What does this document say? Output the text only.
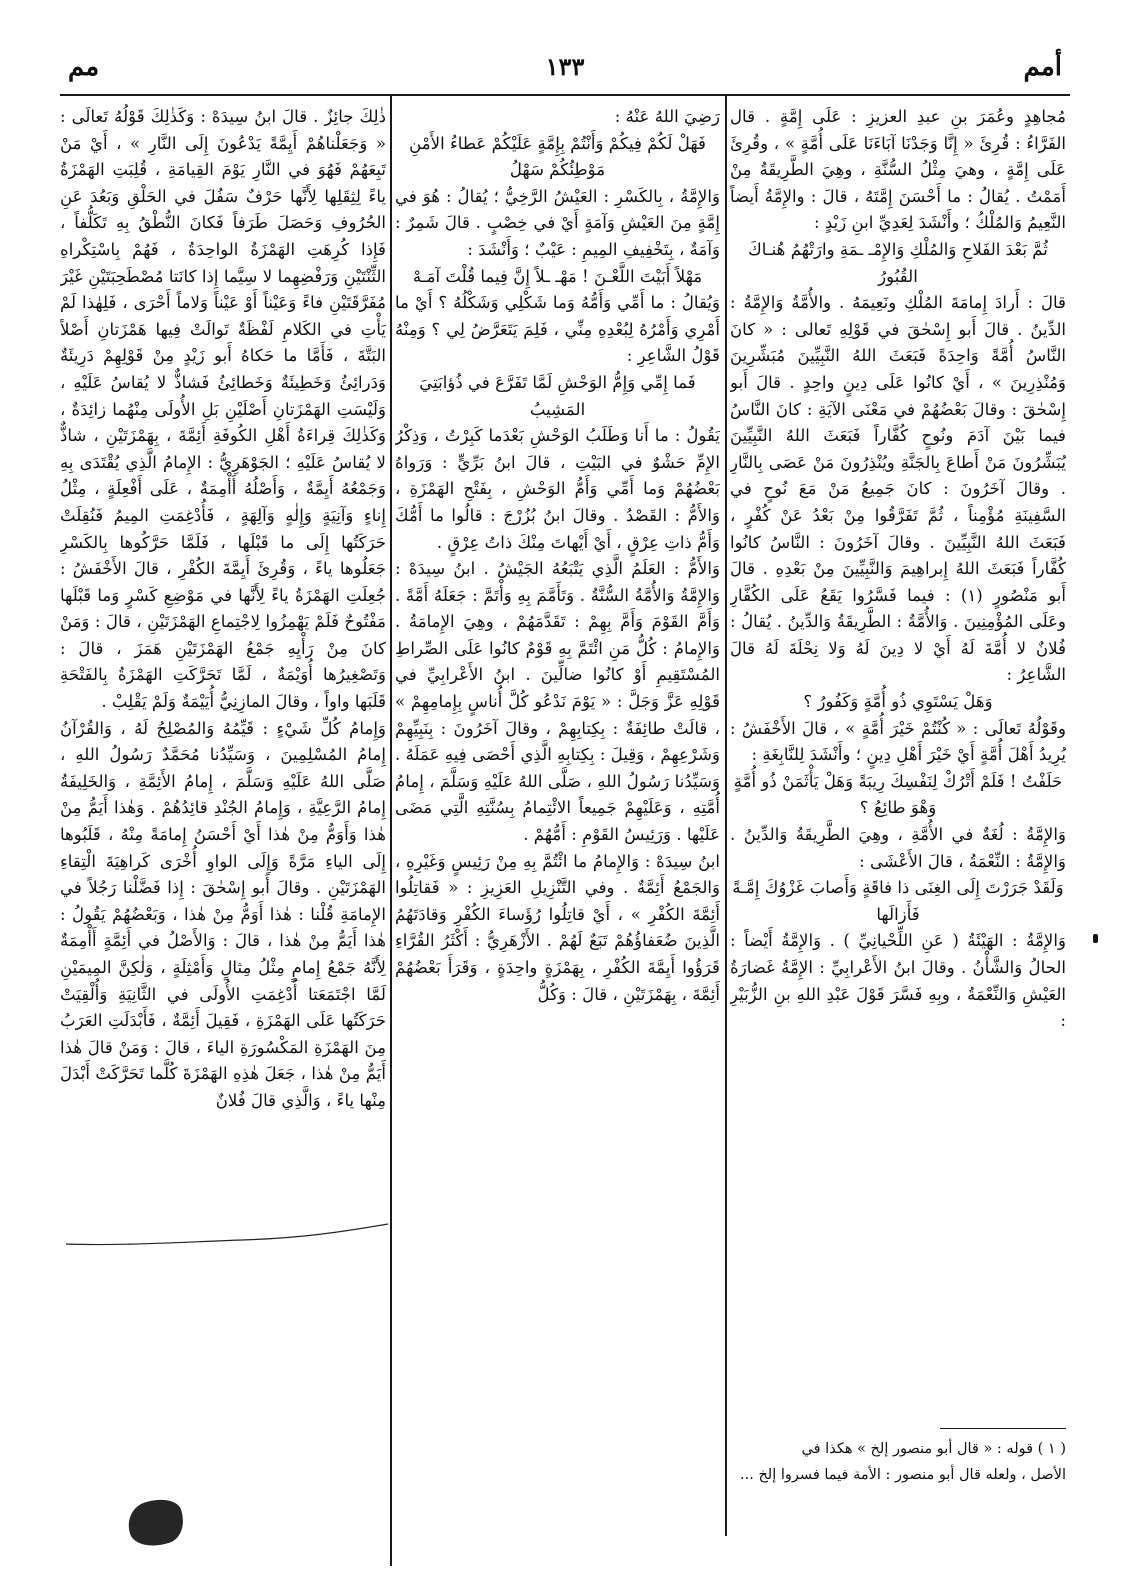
أمم
١٣٣
مم

مُجاهِدٍ وعُمَرَ بنِ عبدِ العزيزِ : عَلَى إِمَّةٍ . قال الفَرَّاءُ : قُرِئَ « إِنَّا وَجَدْنَا آبَاءَنَا عَلَى أُمَّةٍ » ، وقُرِئَ عَلَى إِمَّةٍ ، وهيَ مِثْلُ السُّنَّةِ ، وهِيَ الطَّرِيقَةُ مِنْ أَمَمْتُ . يُقالُ : ما أَحْسَنَ إِمَّتَهُ ، قالَ : والإِمَّةُ أَيضاً النَّعِيمُ وَالمُلْكُ ؛ وأَنْشَدَ لِعَدِيِّ ابنِ زَيْدٍ :

ثُمَّ بَعْدَ الفَلاحِ وَالمُلْكِ وَالإِمْـ ـمَةِ وارَتْهُمُ هُنـاكَ القُبُورُ

قالَ : أَرادَ إِمامَةَ المُلْكِ ونَعِيمَهُ . والأُمَّةُ وَالإِمَّةُ : الدِّينُ . قالَ أَبو إِسْحٰقَ في قَوْلِهِ تَعالى : « كانَ النَّاسُ أُمَّةً وَاحِدَةً فَبَعَثَ اللهُ النَّبِيِّينَ مُبَشِّرِينَ وَمُنْذِرِينَ » ، أَيْ كانُوا عَلَى دِينٍ واحِدٍ . قالَ أَبو إِسْحٰقَ : وقالَ بَعْضُهُمْ في مَعْنَى الآيَةِ : كانَ النَّاسُ فيما بَيْنَ آدَمَ ونُوحٍ كُفَّاراً فَبَعَثَ اللهُ النَّبِيِّينَ يُبَشِّرُونَ مَنْ أَطاعَ بِالجَنَّةِ ويُنْذِرُونَ مَنْ عَصَى بِالنَّارِ . وقالَ آخَرُونَ : كانَ جَمِيعُ مَنْ مَعَ نُوحٍ في السَّفِينَةِ مُؤْمِناً ، ثُمَّ تَفَرَّقُوا مِنْ بَعْدُ عَنْ كُفْرٍ ، فَبَعَثَ اللهُ النَّبِيِّينَ . وقالَ آخَرُونَ : النَّاسُ كانُوا كُفَّاراً فَبَعَثَ اللهُ إِبراهِيمَ وَالنَّبِيِّينَ مِنْ بَعْدِهِ . قالَ أَبو مَنْصُورٍ (١) : فيما فَسَّرُوا يَقَعُ عَلَى الكُفَّارِ وعَلَى المُؤْمِنِينَ . وَالأُمَّةُ : الطَّرِيقَةُ وَالدِّينُ . يُقالُ : فُلانٌ لا أُمَّةَ لَهُ أَيْ لا دِينَ لَهُ وَلا نِحْلَةَ لَهُ قالَ الشَّاعِرُ :

وَهَلْ يَسْتَوِي ذُو أُمَّةٍ وَكَفُورُ ؟

وقَوْلُهُ تَعالَى : « كُنْتُمْ خَيْرَ أُمَّةٍ » ، قالَ الأَخْفَشُ : يُرِيدُ أَهْلَ أُمَّةٍ أَيْ خَيْرَ أَهْلِ دِينٍ ؛ وأَنْشَدَ لِلنَّابِغَةِ :

حَلَفْتُ ! فَلَمْ أَتْرُكْ لِنَفْسِكَ رِيبَةً وَهَلْ يَأْثَمَنْ ذُو أُمَّةٍ وَهْوَ طائِعُ ؟

وَالإِمَّةُ : لُغَةٌ في الأُمَّةِ ، وهِيَ الطَّرِيقَةُ وَالدِّينُ . وَالإِمَّةُ : النِّعْمَةُ ، قالَ الأَعْشَى :

وَلَقَدْ جَرَرْتَ إِلَى الغِنَى ذا فاقَةٍ وَأَصابَ غَزْوُكَ إِمَّـةً فَأَزالَها

وَالإِمَّةُ : الهَيْئَةُ ( عَنِ اللِّحْيانِيِّ ) . وَالإِمَّةُ أَيْضاً : الحالُ وَالشَّأْنُ . وقالَ ابنُ الأَعْرابِيِّ : الإِمَّةُ غَضارَةُ العَيْشِ وَالنِّعْمَةُ ، وبِهِ فَسَّرَ قَوْلَ عَبْدِ اللهِ بنِ الزُّبَيْرِ :

( ١ ) قوله : « قال أبو منصور إلخ » هكذا في

الأصل ، ولعله قال أبو منصور : الأمة فيما فسروا إلخ ...

رَضِيَ اللهُ عَنْهُ :

فَهَلْ لَكُمْ فِيكُمْ وَأَنْتُمْ بِإِمَّةٍ عَلَيْكُمْ عَطاءُ الأَمْنِ مَوْطِئُكُمْ سَهْلُ

وَالإِمَّةُ ، بِالكَسْرِ : العَيْشُ الرَّخِيُّ ؛ يُقالُ : هُوَ في إِمَّةٍ مِنَ العَيْشِ وَآمَةٍ أَيْ في خِصْبٍ . قالَ شَمِرٌ : وَآمَةٌ ، بِتَخْفِيفِ المِيمِ : عَيْبٌ ؛ وَأَنْشَدَ :

مَهْلاً أَبَيْتَ اللَّعْـنَ ! مَهْـ ـلاً إِنَّ فِيما قُلْتَ آمَـهْ

وَيُقالُ : ما أَمِّي وَأَمُّهُ وَما شَكْلِي وَشَكْلُهُ ؟ أَيْ ما أَمْرِي وَأَمْرُهُ لِبُعْدِهِ مِنِّي ، فَلِمَ يَتَعَرَّضُ لِي ؟ وَمِنْهُ قَوْلُ الشَّاعِرِ :

فَما إِمِّي وَإِمُّ الوَحْشِ لَمَّا تَفَرَّعَ في ذُؤابَتِيَ المَشِيبُ

يَقُولُ : ما أَنا وَطَلَبُ الوَحْشِ بَعْدَما كَبِرْتُ ، وَذِكْرُ الإِمِّ حَشْوٌ في البَيْتِ ، قالَ ابنُ بَرِّيٍّ : وَرَواهُ بَعْضُهُمْ وَما أَمِّي وَأَمُّ الوَحْشِ ، بِفَتْحِ الهَمْزَةِ ، وَالأَمُّ : القَصْدُ . وقالَ ابنُ بُزُرْجَ : قالُوا ما أَمُّكَ وَأَمُّ ذاتِ عِرْقٍ ، أَيْ أَيْهاتَ مِنْكَ ذاتُ عِرْقٍ .

وَالأَمُّ : العَلَمُ الَّذِي يَتْبَعُهُ الجَيْشُ . ابنُ سِيدَهْ : وَالإِمَّةُ وَالأُمَّةُ السُّنَّةُ . وَتَأَمَّمَ بِهِ وَأْتَمَّ : جَعَلَهُ أَمَّةً . وَأَمَّ القَوْمَ وَأَمَّ بِهِمْ : تَقَدَّمَهُمْ ، وهِيَ الإِمامَةُ . وَالإِمامُ : كُلُّ مَنِ ائْتَمَّ بِهِ قَوْمٌ كانُوا عَلَى الصِّراطِ المُسْتَقِيمِ أَوْ كانُوا ضالِّينَ . ابنُ الأَعْرابِيِّ في قَوْلِهِ عَزَّ وَجَلَّ : « يَوْمَ نَدْعُو كُلَّ أُناسٍ بِإِمامِهِمْ » ، قالَتْ طائِفَةٌ : بِكِتابِهِمْ ، وقالَ آخَرُونَ : بِنَبِيِّهِمْ وَشَرْعِهِمْ ، وَقِيلَ : بِكِتابِهِ الَّذِي أَحْصَى فِيهِ عَمَلَهُ . وَسَيِّدُنا رَسُولُ اللهِ ، صَلَّى اللهُ عَلَيْهِ وَسَلَّمَ ، إِمامُ أُمَّتِهِ ، وَعَلَيْهِمْ جَمِيعاً الائْتِمامُ بِسُنَّتِهِ الَّتِي مَضَى عَلَيْها . وَرَئِيسُ القَوْمِ : أَمُّهُمْ .

ابنُ سِيدَهْ : وَالإِمامُ ما ائْتُمَّ بِهِ مِنْ رَئِيسٍ وَغَيْرِهِ ، وَالجَمْعُ أَئِمَّةٌ . وفي التَّنْزِيلِ العَزِيزِ : « فَقاتِلُوا أَئِمَّةَ الكُفْرِ » ، أَيْ قاتِلُوا رُؤَساءَ الكُفْرِ وَقادَتَهُمُ الَّذِينَ ضُعَفاؤُهُمْ تَبَعٌ لَهُمْ . الأَزْهَرِيُّ : أَكْثَرُ القُرَّاءِ قَرَؤُوا أَيِمَّةَ الكُفْرِ ، بِهَمْزَةٍ واحِدَةٍ ، وَقَرَأَ بَعْضُهُمْ أَئِمَّةَ ، بِهَمْزَتَيْنِ ، قالَ : وَكُلُّ

ذٰلِكَ جائِزٌ . قالَ ابنُ سِيدَهْ : وَكَذٰلِكَ قَوْلُهُ تَعالَى : « وَجَعَلْناهُمْ أَيِمَّةً يَدْعُونَ إِلَى النَّارِ » ، أَيْ مَنْ تَبِعَهُمْ فَهُوَ في النَّارِ يَوْمَ القِيامَةِ ، قُلِبَتِ الهَمْزَةُ ياءً لِثِقَلِها لِأَنَّها حَرْفٌ سَفُلَ في الحَلْقِ وَبَعُدَ عَنِ الحُرُوفِ وَحَصَلَ طَرَفاً فَكانَ النُّطْقُ بِهِ تَكَلُّفاً ، فَإِذا كُرِهَتِ الهَمْزَةُ الواحِدَةُ ، فَهُمْ بِاسْتِكْراهِ الثِّنْتَيْنِ وَرَفْضِهِما لا سِيَّما إِذا كانَتا مُصْطَحِبَتَيْنِ غَيْرَ مُفَرَّقَتَيْنِ فاءً وَعَيْناً أَوْ عَيْناً وَلاماً أَحْرَى ، فَلِهٰذا لَمْ يَأْتِ في الكَلامِ لَفْظَةٌ تَوالَتْ فِيها هَمْزَتانِ أَصْلاً البَتَّةَ ، فَأَمَّا ما حَكاهُ أَبو زَيْدٍ مِنْ قَوْلِهِمْ دَرِيئَةٌ وَدَرائِئُ وَخَطِيئَةٌ وَخَطائِئُ فَشاذٌّ لا يُقاسُ عَلَيْهِ ، وَلَيْسَتِ الهَمْزَتانِ أَصْلَيْنِ بَلِ الأُولَى مِنْهُما زائِدَةٌ ، وَكَذٰلِكَ قِراءَةُ أَهْلِ الكُوفَةِ أَئِمَّةَ ، بِهَمْزَتَيْنِ ، شاذٌّ لا يُقاسُ عَلَيْهِ ؛ الجَوْهَرِيُّ : الإِمامُ الَّذِي يُقْتَدَى بِهِ وَجَمْعُهُ أَيِمَّةٌ ، وَأَصْلُهُ أَأْمِمَةٌ ، عَلَى أَفْعِلَةٍ ، مِثْلُ إِناءٍ وَآنِيَةٍ وَإِلٰهٍ وَآلِهَةٍ ، فَأُدْغِمَتِ المِيمُ فَنُقِلَتْ حَرَكَتُها إِلَى ما قَبْلَها ، فَلَمَّا حَرَّكُوها بِالكَسْرِ جَعَلُوها ياءً ، وَقُرِئَ أَيِمَّةَ الكُفْرِ ، قالَ الأَخْفَشُ : جُعِلَتِ الهَمْزَةُ ياءً لِأَنَّها في مَوْضِعِ كَسْرٍ وَما قَبْلَها مَفْتُوحٌ فَلَمْ يَهْمِزُوا لِاجْتِماعِ الهَمْزَتَيْنِ ، قالَ : وَمَنْ كانَ مِنْ رَأْيِهِ جَمْعُ الهَمْزَتَيْنِ هَمَزَ ، قالَ : وَتَصْغِيرُها أُوَيْمَةٌ ، لَمَّا تَحَرَّكَتِ الهَمْزَةُ بِالفَتْحَةِ قَلَبَها واواً ، وقالَ المازِنِيُّ أُيَيْمَةٌ وَلَمْ يَقْلِبْ .

وَإِمامُ كُلِّ شَيْءٍ : قَيِّمُهُ وَالمُصْلِحُ لَهُ ، وَالقُرْآنُ إِمامُ المُسْلِمِينَ ، وَسَيِّدُنا مُحَمَّدٌ رَسُولُ اللهِ ، صَلَّى اللهُ عَلَيْهِ وَسَلَّمَ ، إِمامُ الأَئِمَّةِ ، وَالخَلِيفَةُ إِمامُ الرَّعِيَّةِ ، وَإِمامُ الجُنْدِ قائِدُهُمْ . وَهٰذا أَيَمُّ مِنْ هٰذا وَأَوَمُّ مِنْ هٰذا أَيْ أَحْسَنُ إِمامَةً مِنْهُ ، قَلَبُوها إِلَى الياءِ مَرَّةً وَإِلَى الواوِ أُخْرَى كَراهِيَةَ الْتِقاءِ الهَمْزَتَيْنِ . وقالَ أَبو إِسْحٰقَ : إِذا فَضَّلْنا رَجُلاً في الإِمامَةِ قُلْنا : هٰذا أَوَمُّ مِنْ هٰذا ، وَبَعْضُهُمْ يَقُولُ : هٰذا أَيَمُّ مِنْ هٰذا ، قالَ : وَالأَصْلُ في أَئِمَّةٍ أَأْمِمَةٌ لِأَنَّهُ جَمْعُ إِمامٍ مِثْلُ مِثالٍ وَأَمْثِلَةٍ ، وَلٰكِنَّ المِيمَيْنِ لَمَّا اجْتَمَعَتا أُدْغِمَتِ الأُولَى في الثَّانِيَةِ وَأُلْقِيَتْ حَرَكَتُها عَلَى الهَمْزَةِ ، فَقِيلَ أَئِمَّةٌ ، فَأَبْدَلَتِ العَرَبُ مِنَ الهَمْزَةِ المَكْسُورَةِ الياءَ ، قالَ : وَمَنْ قالَ هٰذا أَيَمُّ مِنْ هٰذا ، جَعَلَ هٰذِهِ الهَمْزَةَ كُلَّما تَحَرَّكَتْ أَبْدَلَ مِنْها ياءً ، وَالَّذِي قالَ فُلانٌ
